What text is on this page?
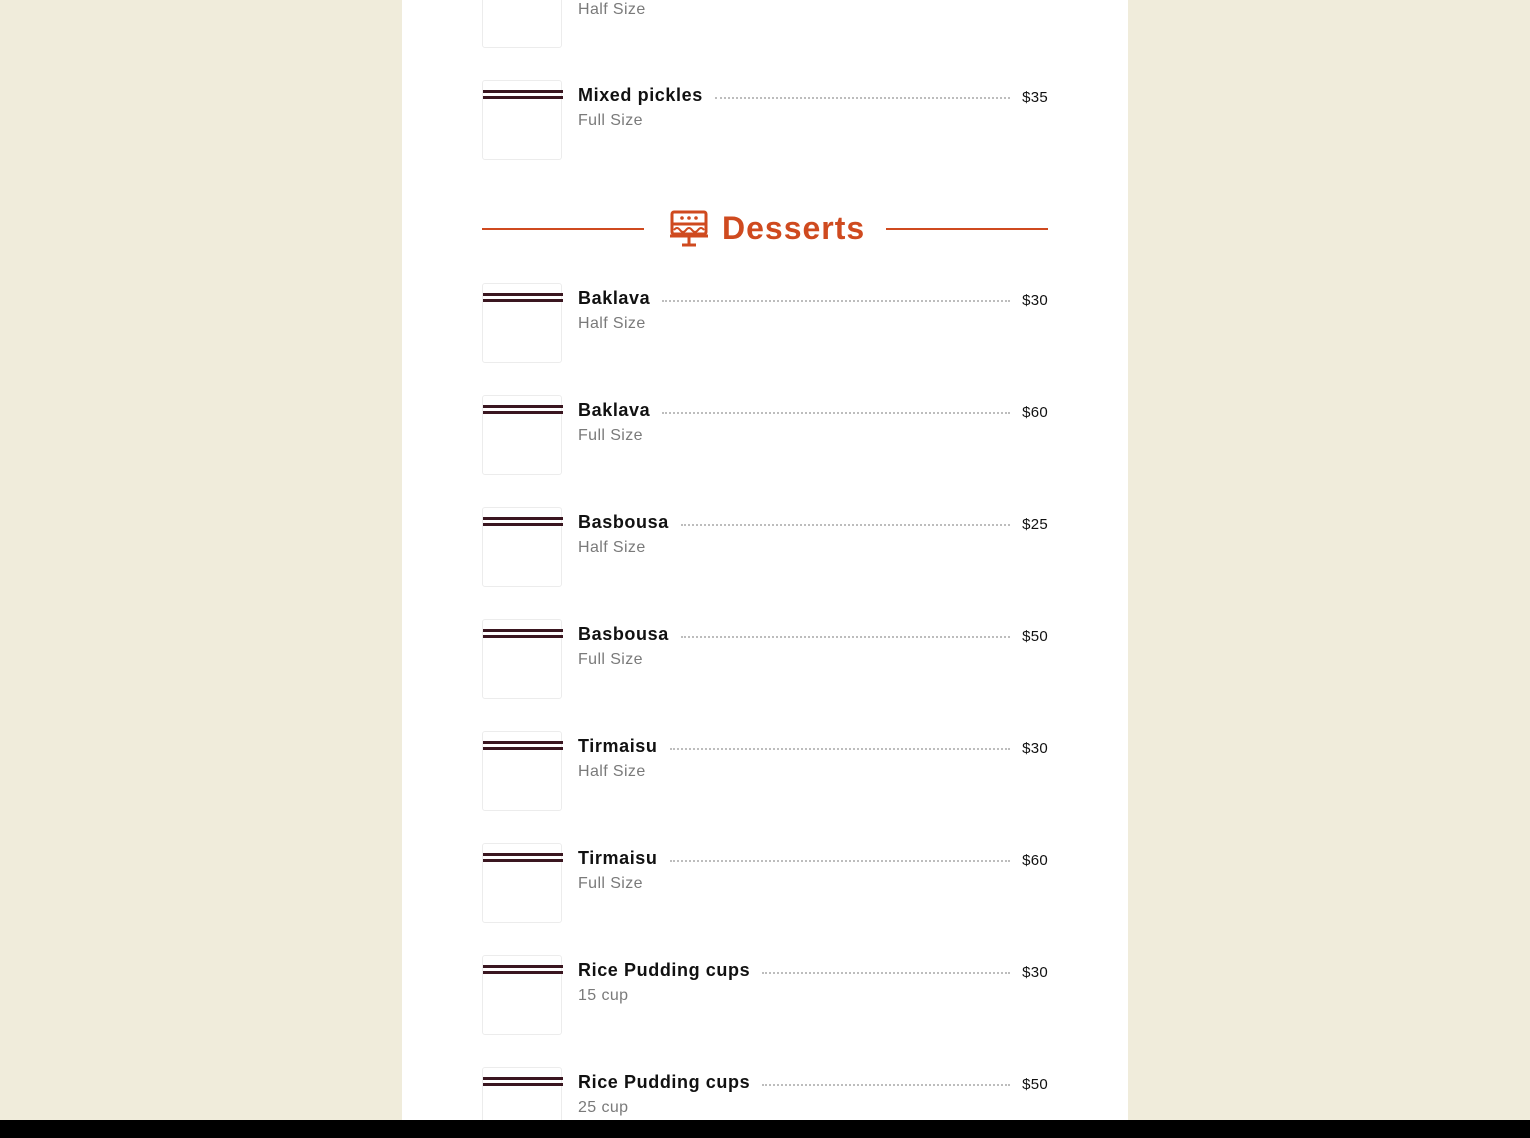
Half Size
Mixed pickles	$35
Full Size
Desserts
Baklava	$30
Half Size
Baklava	$60
Full Size
Basbousa	$25
Half Size
Basbousa	$50
Full Size
Tirmaisu	$30
Half Size
Tirmaisu	$60
Full Size
Rice Pudding cups	$30
15 cup
Rice Pudding cups	$50
25 cup
